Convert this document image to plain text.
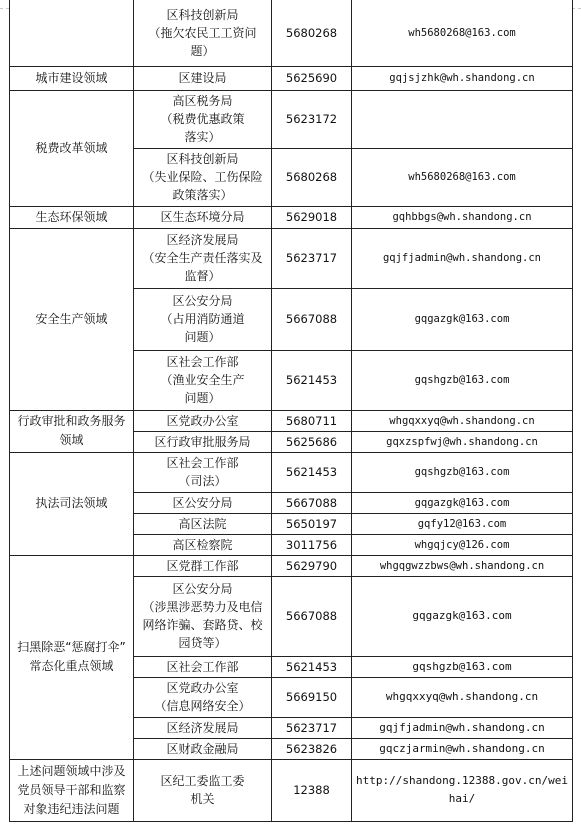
	区科技创新局
（拖欠农民工工资问
题）	5680268	wh5680268@163.com
城市建设领域	区建设局	5625690	gqjsjzhk@wh.shandong.cn
税费改革领域	高区税务局
（税费优惠政策
落实）	5623172	
	区科技创新局
（失业保险、工伤保险
政策落实）	5680268	wh5680268@163.com
生态环保领域	区生态环境分局	5629018	gqhbbgs@wh.shandong.cn
安全生产领域	区经济发展局
（安全生产责任落实及
监督）	5623717	gqjfjadmin@wh.shandong.cn
	区公安分局
（占用消防通道
问题）	5667088	gqgazgk@163.com
	区社会工作部
（渔业安全生产
问题）	5621453	gqshgzb@163.com
行政审批和政务服务
领域	区党政办公室	5680711	whgqxxyq@wh.shandong.cn
	区行政审批服务局	5625686	gqxzspfwj@wh.shandong.cn
执法司法领域	区社会工作部
（司法）	5621453	gqshgzb@163.com
	区公安分局	5667088	gqgazgk@163.com
	高区法院	5650197	gqfy12@163.com
	高区检察院	3011756	whgqjcy@126.com
扫黑除恶“惩腐打伞”
常态化重点领域	区党群工作部	5629790	whgqgwzzbws@wh.shandong.cn
	区公安分局
（涉黑涉恶势力及电信
网络诈骗、套路贷、校
园贷等）	5667088	gqgazgk@163.com
	区社会工作部	5621453	gqshgzb@163.com
	区党政办公室
（信息网络安全）	5669150	whgqxxyq@wh.shandong.cn
	区经济发展局	5623717	gqjfjadmin@wh.shandong.cn
	区财政金融局	5623826	gqczjarmin@wh.shandong.cn
上述问题领域中涉及
党员领导干部和监察
对象违纪违法问题	区纪工委监工委
机关	12388	http://shandong.12388.gov.cn/wei
hai/
